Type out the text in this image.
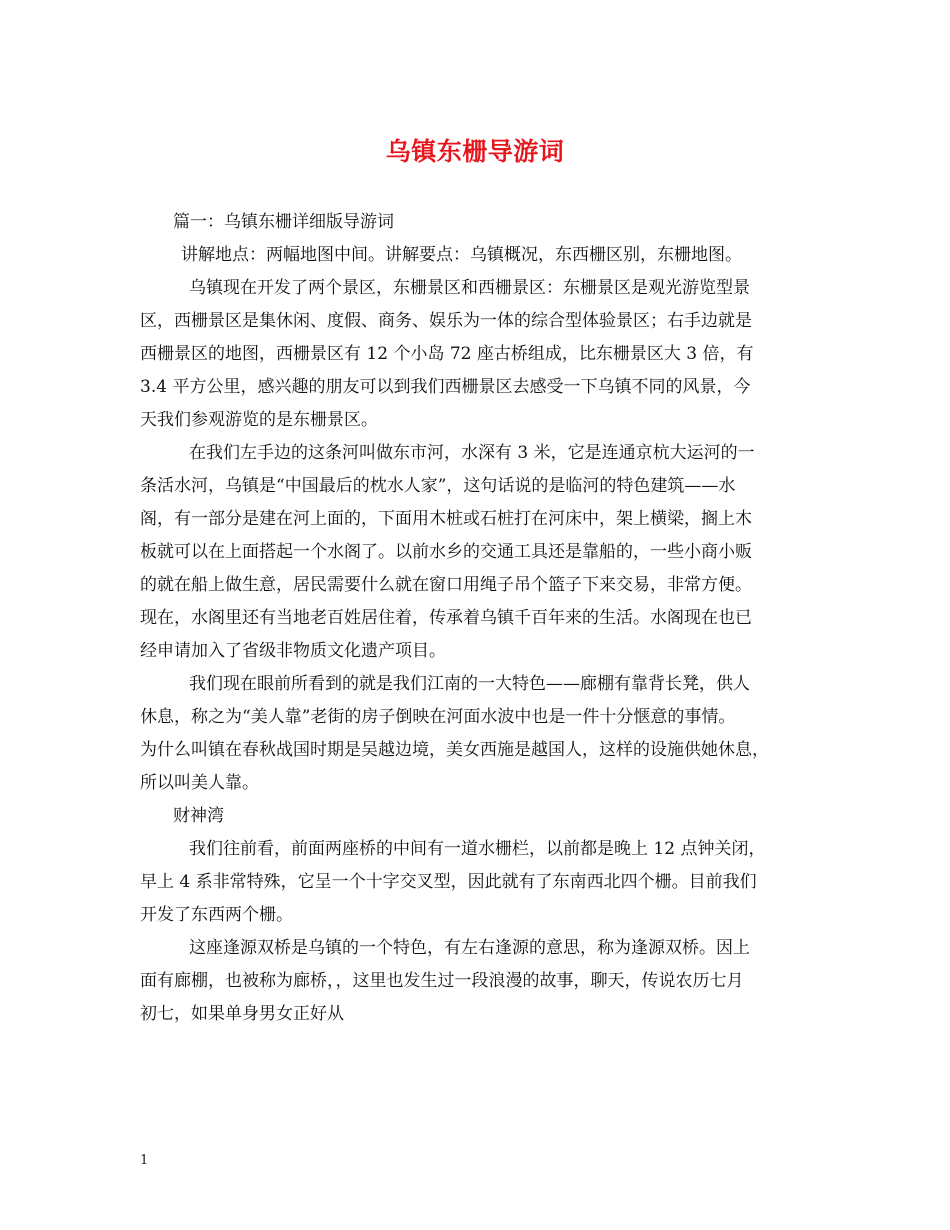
乌镇东栅导游词
篇一：乌镇东栅详细版导游词
讲解地点：两幅地图中间。讲解要点：乌镇概况，东西栅区别，东栅地图。
乌镇现在开发了两个景区，东栅景区和西栅景区：东栅景区是观光游览型景
区，西栅景区是集休闲、度假、商务、娱乐为一体的综合型体验景区；右手边就是
西栅景区的地图，西栅景区有 12 个小岛 72 座古桥组成，比东栅景区大 3 倍，有
3.4 平方公里，感兴趣的朋友可以到我们西栅景区去感受一下乌镇不同的风景，今
天我们参观游览的是东栅景区。
在我们左手边的这条河叫做东市河，水深有 3 米，它是连通京杭大运河的一
条活水河，乌镇是“中国最后的枕水人家”，这句话说的是临河的特色建筑——水
阁，有一部分是建在河上面的，下面用木桩或石桩打在河床中，架上横梁，搁上木
板就可以在上面搭起一个水阁了。以前水乡的交通工具还是靠船的，一些小商小贩
的就在船上做生意，居民需要什么就在窗口用绳子吊个篮子下来交易，非常方便。
现在，水阁里还有当地老百姓居住着，传承着乌镇千百年来的生活。水阁现在也已
经申请加入了省级非物质文化遗产项目。
我们现在眼前所看到的就是我们江南的一大特色——廊棚有靠背长凳，供人
休息，称之为“美人靠”老街的房子倒映在河面水波中也是一件十分惬意的事情。
为什么叫镇在春秋战国时期是吴越边境，美女西施是越国人，这样的设施供她休息，
所以叫美人靠。
财神湾
我们往前看，前面两座桥的中间有一道水栅栏，以前都是晚上 12 点钟关闭，
早上 4 系非常特殊，它呈一个十字交叉型，因此就有了东南西北四个栅。目前我们
开发了东西两个栅。
这座逢源双桥是乌镇的一个特色，有左右逢源的意思，称为逢源双桥。因上
面有廊棚，也被称为廊桥，，这里也发生过一段浪漫的故事，聊天，传说农历七月
初七，如果单身男女正好从
1
